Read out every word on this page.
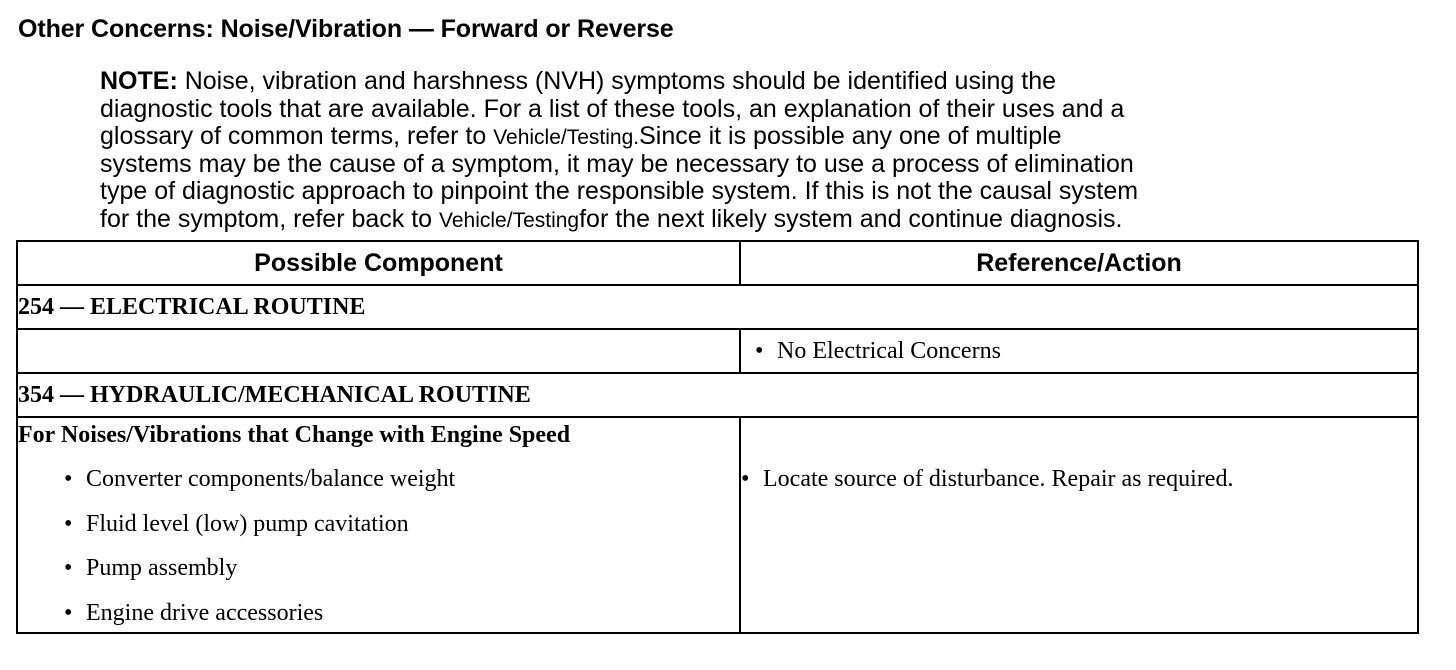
Other Concerns: Noise/Vibration — Forward or Reverse
NOTE: Noise, vibration and harshness (NVH) symptoms should be identified using the
diagnostic tools that are available. For a list of these tools, an explanation of their uses and a
glossary of common terms, refer to Vehicle/Testing.Since it is possible any one of multiple
systems may be the cause of a symptom, it may be necessary to use a process of elimination
type of diagnostic approach to pinpoint the responsible system. If this is not the causal system
for the symptom, refer back to Vehicle/Testingfor the next likely system and continue diagnosis.
Possible Component	Reference/Action
254 — ELECTRICAL ROUTINE	
	• No Electrical Concerns
354 — HYDRAULIC/MECHANICAL ROUTINE	

For Noises/Vibrations that Change with Engine Speed
• Converter components/balance weight
• Fluid level (low) pump cavitation
• Pump assembly
• Engine drive accessories	• Locate source of disturbance. Repair as required.
